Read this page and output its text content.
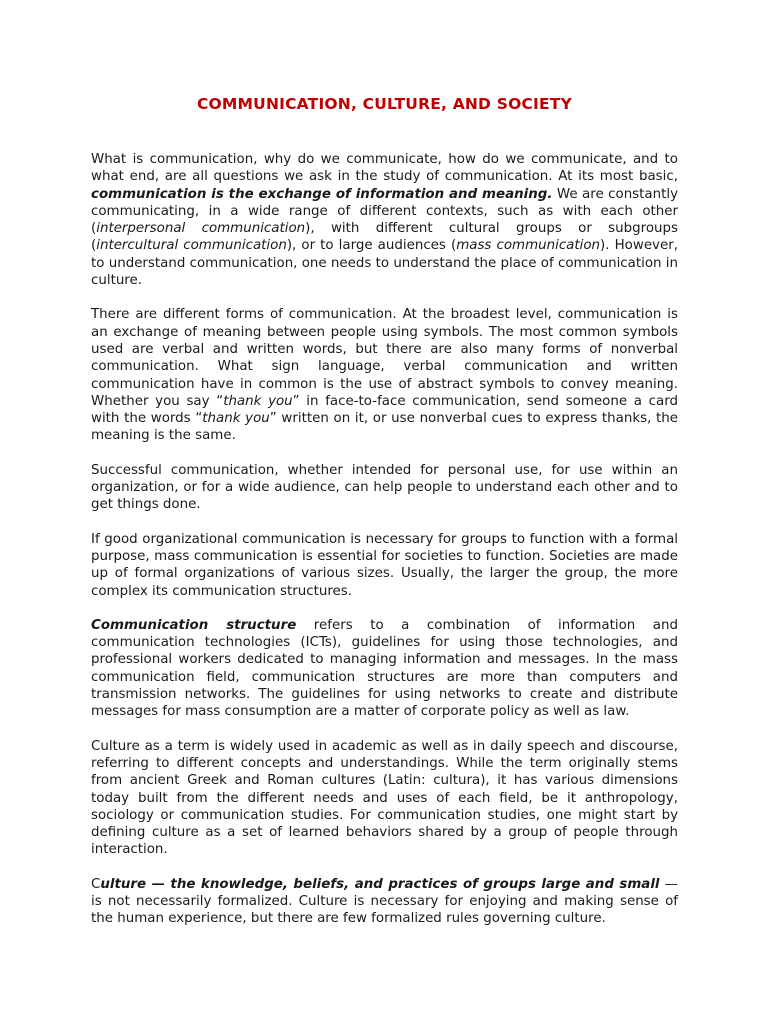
COMMUNICATION, CULTURE, AND SOCIETY

What is communication, why do we communicate, how do we communicate, and to what end, are all questions we ask in the study of communication. At its most basic, communication is the exchange of information and meaning. We are constantly communicating, in a wide range of different contexts, such as with each other (interpersonal communication), with different cultural groups or subgroups (intercultural communication), or to large audiences (mass communication). However, to understand communication, one needs to understand the place of communication in culture.

There are different forms of communication. At the broadest level, communication is an exchange of meaning between people using symbols. The most common symbols used are verbal and written words, but there are also many forms of nonverbal communication. What sign language, verbal communication and written communication have in common is the use of abstract symbols to convey meaning. Whether you say “thank you” in face-to-face communication, send someone a card with the words “thank you” written on it, or use nonverbal cues to express thanks, the meaning is the same.

Successful communication, whether intended for personal use, for use within an organization, or for a wide audience, can help people to understand each other and to get things done.

If good organizational communication is necessary for groups to function with a formal purpose, mass communication is essential for societies to function. Societies are made up of formal organizations of various sizes. Usually, the larger the group, the more complex its communication structures.

Communication structure refers to a combination of information and communication technologies (ICTs), guidelines for using those technologies, and professional workers dedicated to managing information and messages. In the mass communication field, communication structures are more than computers and transmission networks. The guidelines for using networks to create and distribute messages for mass consumption are a matter of corporate policy as well as law.

Culture as a term is widely used in academic as well as in daily speech and discourse, referring to different concepts and understandings. While the term originally stems from ancient Greek and Roman cultures (Latin: cultura), it has various dimensions today built from the different needs and uses of each field, be it anthropology, sociology or communication studies. For communication studies, one might start by defining culture as a set of learned behaviors shared by a group of people through interaction.

Culture — the knowledge, beliefs, and practices of groups large and small — is not necessarily formalized. Culture is necessary for enjoying and making sense of the human experience, but there are few formalized rules governing culture.
